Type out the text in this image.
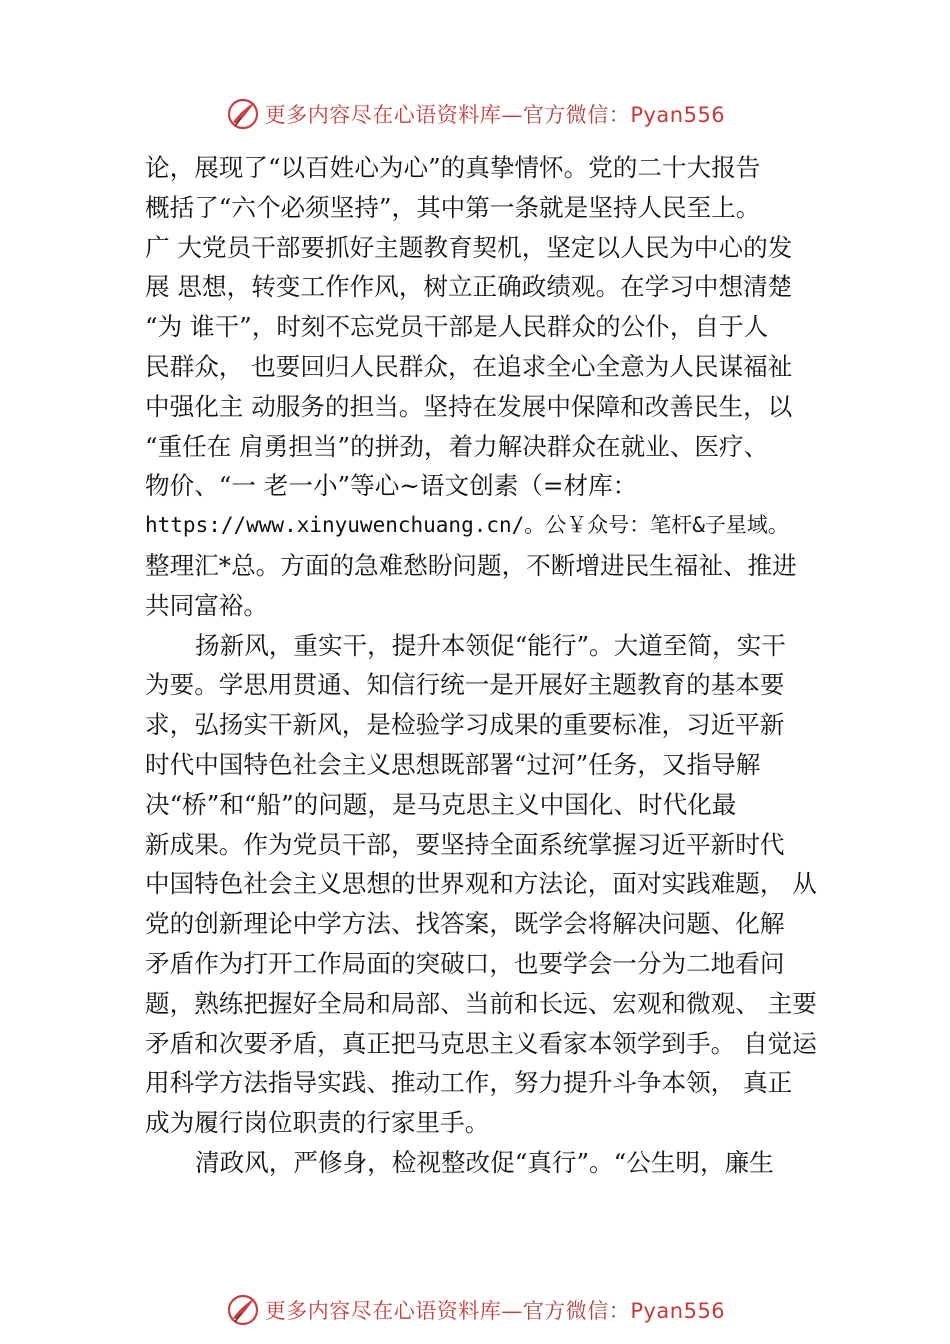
更多内容尽在心语资料库—官方微信：Pyan556
论，展现了“以百姓心为心”的真挚情怀。党的二十大报告
概括了“六个必须坚持”，其中第一条就是坚持人民至上。
广 大党员干部要抓好主题教育契机，坚定以人民为中心的发
展 思想，转变工作作风，树立正确政绩观。在学习中想清楚
“为 谁干”，时刻不忘党员干部是人民群众的公仆，自于人
民群众， 也要回归人民群众，在追求全心全意为人民谋福祉
中强化主 动服务的担当。坚持在发展中保障和改善民生，以
“重任在 肩勇担当”的拼劲，着力解决群众在就业、医疗、
物价、“一 老一小”等心~语文创素（=材库：
https://www.xinyuwenchuang.cn/。公￥众号：笔杆&子星域。
整理汇*总。方面的急难愁盼问题，不断增进民生福祉、推进
共同富裕。
扬新风，重实干，提升本领促“能行”。大道至简，实干
为要。学思用贯通、知信行统一是开展好主题教育的基本要
求，弘扬实干新风，是检验学习成果的重要标准，习近平新
时代中国特色社会主义思想既部署“过河”任务，又指导解
决“桥”和“船”的问题，是马克思主义中国化、时代化最
新成果。作为党员干部，要坚持全面系统掌握习近平新时代
中国特色社会主义思想的世界观和方法论，面对实践难题， 从
党的创新理论中学方法、找答案，既学会将解决问题、化解
矛盾作为打开工作局面的突破口，也要学会一分为二地看问
题，熟练把握好全局和局部、当前和长远、宏观和微观、 主要
矛盾和次要矛盾，真正把马克思主义看家本领学到手。 自觉运
用科学方法指导实践、推动工作，努力提升斗争本领， 真正
成为履行岗位职责的行家里手。
清政风，严修身，检视整改促“真行”。“公生明，廉生
更多内容尽在心语资料库—官方微信：Pyan556
